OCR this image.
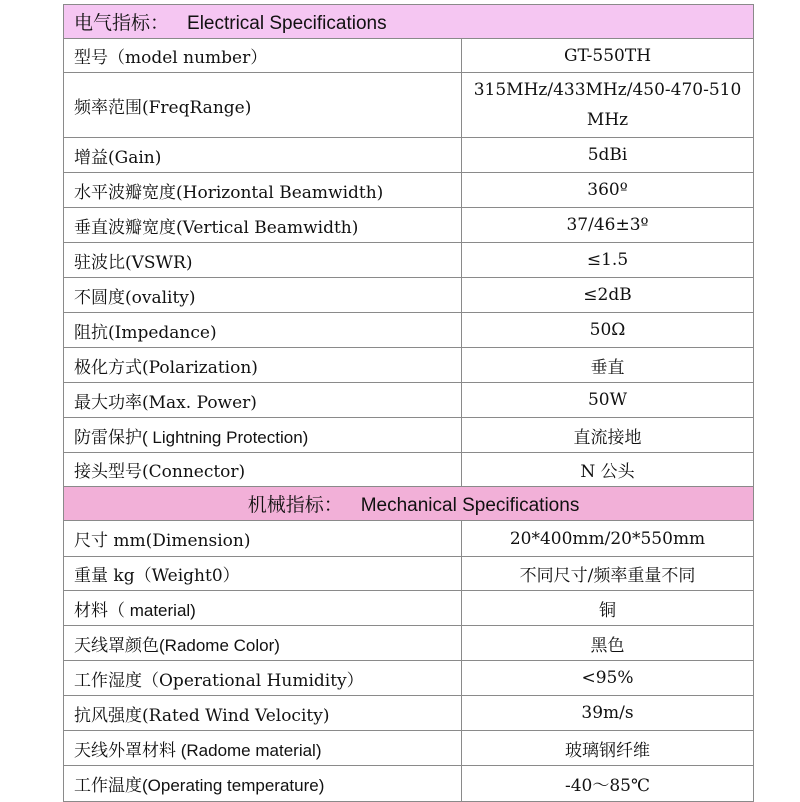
电气指标： Electrical Specifications	
型号（model number）	GT-550TH
频率范围(FreqRange)	315MHz/433MHz/450-470-510MHz
增益(Gain)	5dBi
水平波瓣宽度(Horizontal Beamwidth)	360º
垂直波瓣宽度(Vertical Beamwidth)	37/46±3º
驻波比(VSWR)	≤1.5
不圆度(ovality)	≤2dB
阻抗(Impedance)	50Ω
极化方式(Polarization)	垂直
最大功率(Max. Power)	50W
防雷保护( Lightning Protection)	直流接地
接头型号(Connector)	N 公头
机械指标： Mechanical Specifications	
尺寸 mm(Dimension)	20*400mm/20*550mm
重量 kg（Weight0）	不同尺寸/频率重量不同
材料（ material)	铜
天线罩颜色(Radome Color)	黑色
工作湿度（Operational Humidity）	<95%
抗风强度(Rated Wind Velocity)	39m/s
天线外罩材料 (Radome material)	玻璃钢纤维
工作温度(Operating temperature)	-40～85℃
